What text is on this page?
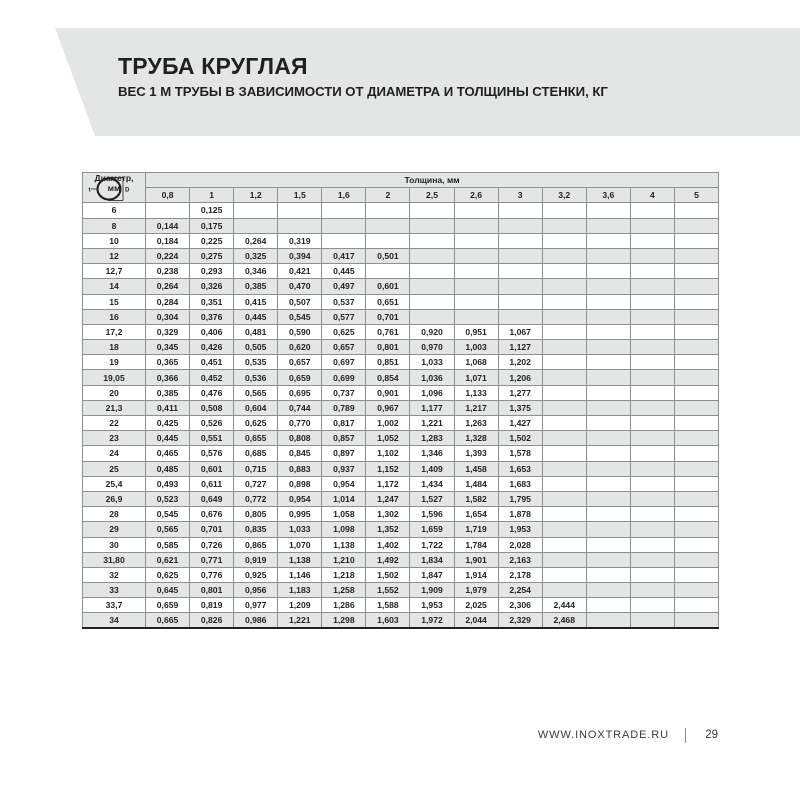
ТРУБА КРУГЛАЯ
ВЕС 1 М ТРУБЫ В ЗАВИСИМОСТИ ОТ ДИАМЕТРА И ТОЛЩИНЫ СТЕНКИ, КГ
Диаметр,
мм
t D	Толщина, мм												
	0,8	1	1,2	1,5	1,6	2	2,5	2,6	3	3,2	3,6	4	5
6		0,125											
8	0,144	0,175											
10	0,184	0,225	0,264	0,319									
12	0,224	0,275	0,325	0,394	0,417	0,501							
12,7	0,238	0,293	0,346	0,421	0,445								
14	0,264	0,326	0,385	0,470	0,497	0,601							
15	0,284	0,351	0,415	0,507	0,537	0,651							
16	0,304	0,376	0,445	0,545	0,577	0,701							
17,2	0,329	0,406	0,481	0,590	0,625	0,761	0,920	0,951	1,067				
18	0,345	0,426	0,505	0,620	0,657	0,801	0,970	1,003	1,127				
19	0,365	0,451	0,535	0,657	0,697	0,851	1,033	1,068	1,202				
19,05	0,366	0,452	0,536	0,659	0,699	0,854	1,036	1,071	1,206				
20	0,385	0,476	0,565	0,695	0,737	0,901	1,096	1,133	1,277				
21,3	0,411	0,508	0,604	0,744	0,789	0,967	1,177	1,217	1,375				
22	0,425	0,526	0,625	0,770	0,817	1,002	1,221	1,263	1,427				
23	0,445	0,551	0,655	0,808	0,857	1,052	1,283	1,328	1,502				
24	0,465	0,576	0,685	0,845	0,897	1,102	1,346	1,393	1,578				
25	0,485	0,601	0,715	0,883	0,937	1,152	1,409	1,458	1,653				
25,4	0,493	0,611	0,727	0,898	0,954	1,172	1,434	1,484	1,683				
26,9	0,523	0,649	0,772	0,954	1,014	1,247	1,527	1,582	1,795				
28	0,545	0,676	0,805	0,995	1,058	1,302	1,596	1,654	1,878				
29	0,565	0,701	0,835	1,033	1,098	1,352	1,659	1,719	1,953				
30	0,585	0,726	0,865	1,070	1,138	1,402	1,722	1,784	2,028				
31,80	0,621	0,771	0,919	1,138	1,210	1,492	1,834	1,901	2,163				
32	0,625	0,776	0,925	1,146	1,218	1,502	1,847	1,914	2,178				
33	0,645	0,801	0,956	1,183	1,258	1,552	1,909	1,979	2,254				
33,7	0,659	0,819	0,977	1,209	1,286	1,588	1,953	2,025	2,306	2,444			
34	0,665	0,826	0,986	1,221	1,298	1,603	1,972	2,044	2,329	2,468			
WWW.INOXTRADE.RU	29
